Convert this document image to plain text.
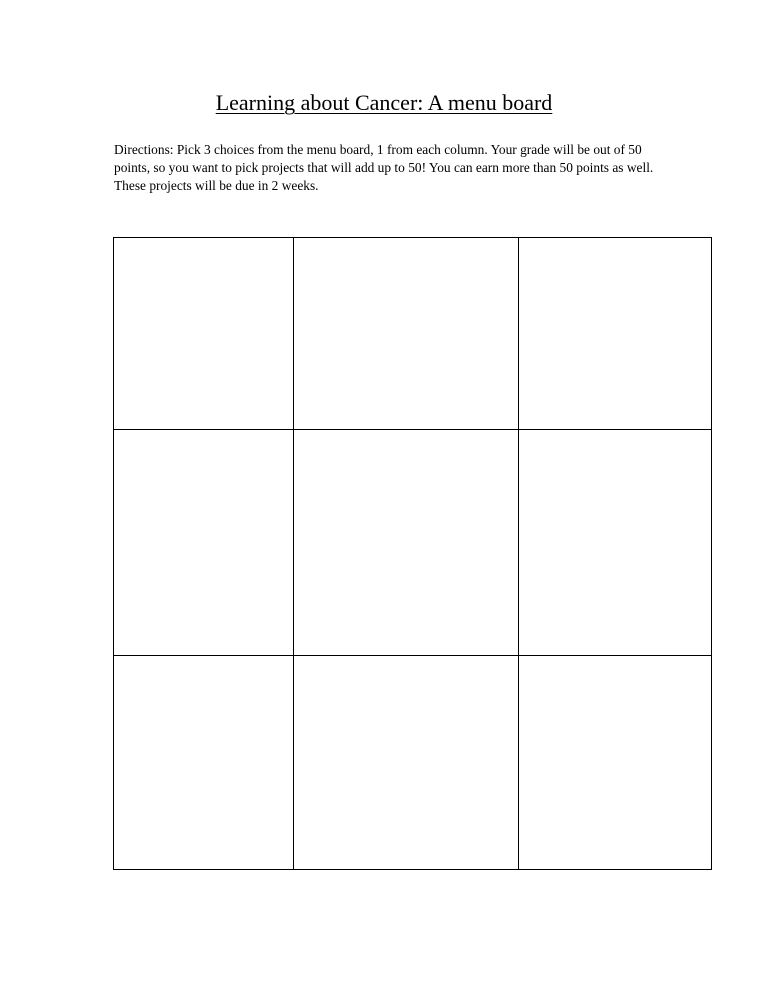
Learning about Cancer: A menu board

Directions: Pick 3 choices from the menu board, 1 from each column. Your grade will be out of 50 points, so you want to pick projects that will add up to 50! You can earn more than 50 points as well. These projects will be due in 2 weeks.
